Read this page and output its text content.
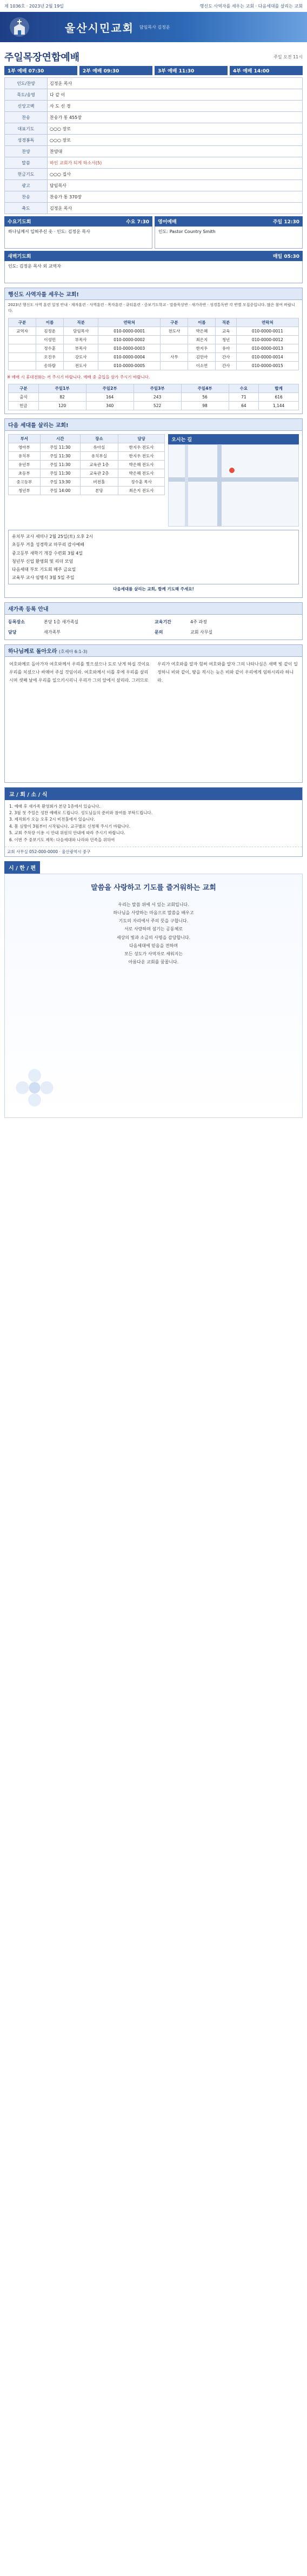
제 1036호 · 2023년 2월 19일	행신도 사역자를 세우는 교회 · 다음세대를 살리는 교회
울산시민교회 담임목사 김정운
주일목장연합예배	주일 오전 11시
1부 예배 07:30	2부 예배 09:30	3부 예배 11:30	4부 예배 14:00
인도/찬양	김정운 목사
묵도/송영	다 같 이
신앙고백	사 도 신 경
찬송	찬송가 통 455장
대표기도	○○○ 장로
성경봉독	○○○ 장로
찬양	찬양대
말씀	하인 교회가 되게 하소서(5)
헌금기도	○○○ 집사
광고	담임목사
찬송	찬송가 통 370장
축도	김정운 목사
수요기도회	수요 7:30
하나님께서 입혀주신 옷 · 인도: 김정운 목사
영어예배	주일 12:30
인도: Pastor Country Smith
새벽기도회	매일 05:30
인도: 김정운 목사 외 교역자
행신도 사역자를 세우는 교회!
2023년 행신도 사역 훈련 일정 안내 · 제자훈련 · 사역훈련 · 목자훈련 · 큐티훈련 · 중보기도학교 · 말씀묵상반 · 새가족반 · 성경통독반 각 반별 모집중입니다. 많은 참여 바랍니다.
구분	이름	직분	연락처	구분	이름	직분	연락처
교역자	김정운	담임목사	010-0000-0001	전도사	박은혜	교육	010-0000-0011
	이성민	부목사	010-0000-0002		최은지	청년	010-0000-0012
	정수훈	부목사	010-0000-0003		한지우	유아	010-0000-0013
	오진우	강도사	010-0000-0004	사무	김민아	간사	010-0000-0014
	송하람	전도사	010-0000-0005		이소연	간사	010-0000-0015
※ 예배 시 휴대전화는 꺼 주시기 바랍니다. 예배 중 출입을 삼가 주시기 바랍니다.
구분	주일1부	주일2부	주일3부	주일4부	수요	합계
출석	82	164	243	56	71	616
헌금	120	340	522	98	64	1,144
다음 세대를 살리는 교회!
부서	시간	장소	담당
영아부	주일 11:30	유아실	한지우 전도사
유치부	주일 11:30	유치부실	한지우 전도사
유년부	주일 11:30	교육관 1층	박은혜 전도사
초등부	주일 11:30	교육관 2층	박은혜 전도사
중고등부	주일 13:30	비전홀	정수훈 목사
청년부	주일 14:00	본당	최은지 전도사
오시는 길
유치부 교사 세미나 2월 25일(토) 오후 2시
초등부 겨울 성경학교 마무리 감사예배
중고등부 새학기 개강 수련회 3월 4일
청년부 신입 환영회 및 리더 모임
다음세대 부모 기도회 매주 금요일
교육부 교사 임명식 3월 5일 주일
다음세대를 살리는 교회, 함께 기도해 주세요!
새가족 등록 안내
등록장소	본당 1층 새가족실	교육기간	4주 과정
담당	새가족부	문의	교회 사무실
하나님께로 돌아오라 (호세아 6:1-3)
여호와께로 돌아가자 여호와께서 우리를 찢으셨으나 도로 낫게 하실 것이요 우리를 치셨으나 싸매어 주실 것임이라. 여호와께서 이틀 후에 우리를 살리시며 셋째 날에 우리를 일으키시리니 우리가 그의 앞에서 살리라. 그러므로 우리가 여호와를 알자 힘써 여호와를 알자 그의 나타나심은 새벽 빛 같이 일정하니 비와 같이, 땅을 적시는 늦은 비와 같이 우리에게 임하시리라 하니라.
교 / 회 / 소 / 식
1. 예배 후 새가족 환영회가 본당 1층에서 있습니다.
2. 3월 첫 주일은 성찬 예배로 드립니다. 성도님들의 준비와 참여를 부탁드립니다.
3. 제직회가 오늘 오후 2시 비전홀에서 있습니다.
4. 봄 심방이 3월부터 시작됩니다. 교구별로 신청해 주시기 바랍니다.
5. 교회 주차장 이용 시 안내 위원의 안내에 따라 주시기 바랍니다.
6. 이번 주 중보기도 제목: 다음세대와 나라와 민족을 위하여
교회 사무실 052-000-0000 · 울산광역시 중구
시 / 한 / 편
말씀을 사랑하고 기도를 즐거워하는 교회
우리는 말씀 위에 서 있는 교회입니다.
하나님을 사랑하는 마음으로 말씀을 배우고
기도의 자리에서 주의 뜻을 구합니다.
서로 사랑하며 섬기는 공동체로
세상의 빛과 소금의 사명을 감당합니다.
다음세대에 믿음을 전하며
모든 성도가 사역자로 세워지는
아름다운 교회를 꿈꿉니다.
